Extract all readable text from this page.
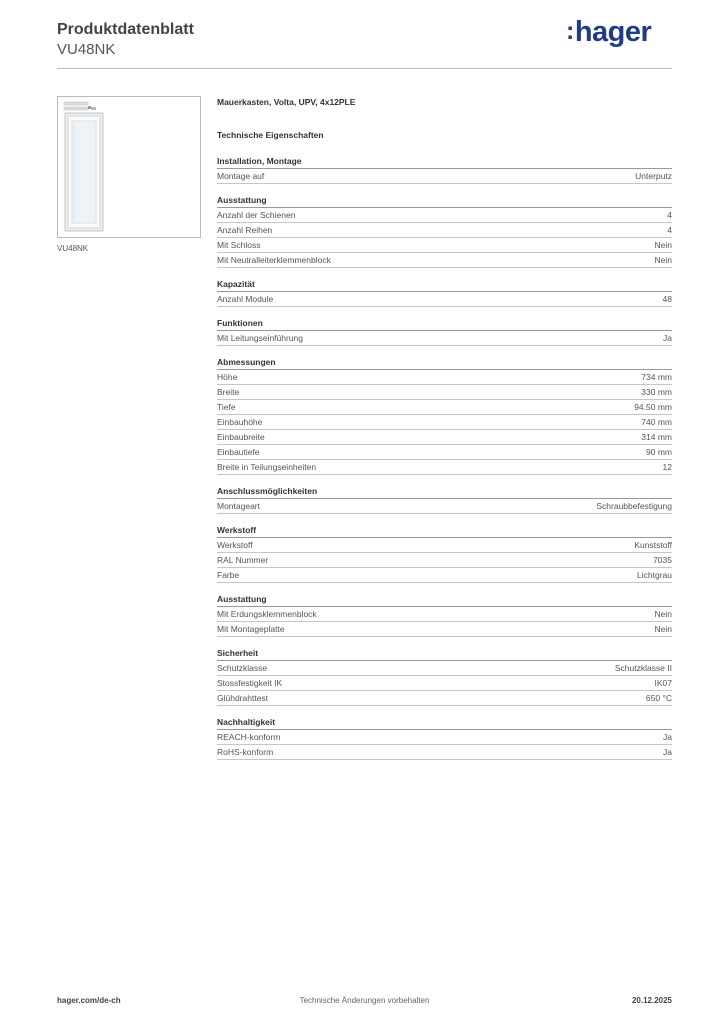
Produktdatenblatt
VU48NK
:hager
VU48NK
Mauerkasten, Volta, UPV, 4x12PLE
Technische Eigenschaften
Installation, Montage
Montage auf	Unterputz
Ausstattung
Anzahl der Schienen	4
Anzahl Reihen	4
Mit Schloss	Nein
Mit Neutralleiterklemmenblock	Nein
Kapazität
Anzahl Module	48
Funktionen
Mit Leitungseinführung	Ja
Abmessungen
Höhe	734 mm
Breite	330 mm
Tiefe	94.50 mm
Einbauhöhe	740 mm
Einbaubreite	314 mm
Einbautiefe	90 mm
Breite in Teilungseinheiten	12
Anschlussmöglichkeiten
Montageart	Schraubbefestigung
Werkstoff
Werkstoff	Kunststoff
RAL Nummer	7035
Farbe	Lichtgrau
Ausstattung
Mit Erdungsklemmenblock	Nein
Mit Montageplatte	Nein
Sicherheit
Schutzklasse	Schutzklasse II
Stossfestigkeit IK	IK07
Glühdrahttest	650 °C
Nachhaltigkeit
REACH-konform	Ja
RoHS-konform	Ja
hager.com/de-ch	Technische Änderungen vorbehalten	20.12.2025
